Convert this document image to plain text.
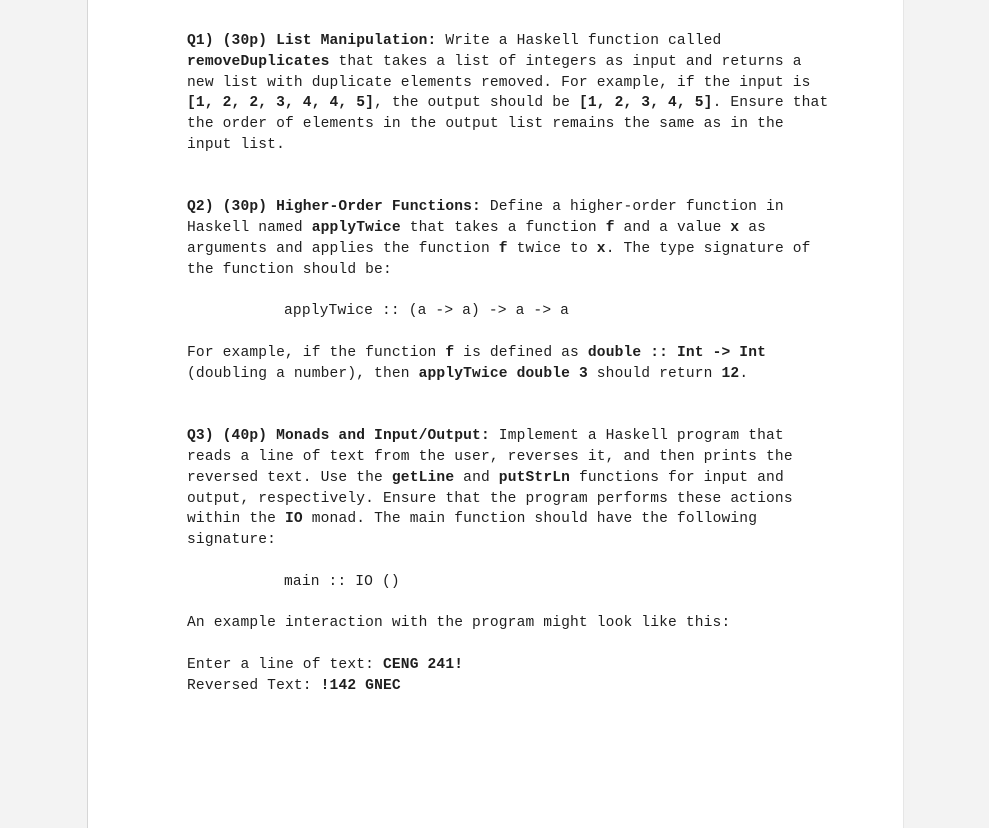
Q1) (30p) List Manipulation: Write a Haskell function called
removeDuplicates that takes a list of integers as input and returns a new list with duplicate elements removed. For example, if the input is [1, 2, 2, 3, 4, 4, 5], the output should be [1, 2, 3, 4, 5]. Ensure that the order of elements in the output list remains the same as in the input list.

Q2) (30p) Higher-Order Functions: Define a higher-order function in Haskell named applyTwice that takes a function f and a value x as arguments and applies the function f twice to x. The type signature of the function should be:

applyTwice :: (a -> a) -> a -> a

For example, if the function f is defined as double :: Int -> Int
(doubling a number), then applyTwice double 3 should return 12.

Q3) (40p) Monads and Input/Output: Implement a Haskell program that reads a line of text from the user, reverses it, and then prints the reversed text. Use the getLine and putStrLn functions for input and output, respectively. Ensure that the program performs these actions within the IO monad. The main function should have the following signature:

main :: IO ()

An example interaction with the program might look like this:

Enter a line of text: CENG 241!

Reversed Text: !142 GNEC
